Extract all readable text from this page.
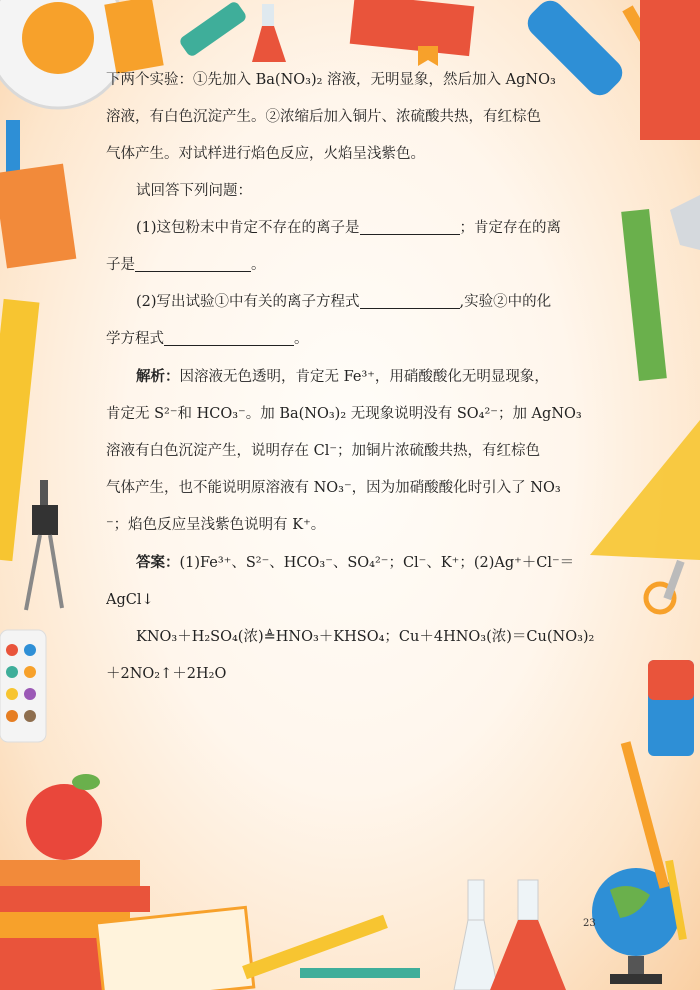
下两个实验：①先加入 Ba(NO₃)₂ 溶液，无明显象，然后加入 AgNO₃
溶液，有白色沉淀产生。②浓缩后加入铜片、浓硫酸共热，有红棕色
气体产生。对试样进行焰色反应，火焰呈浅紫色。
试回答下列问题：
(1)这包粉末中肯定不存在的离子是	；肯定存在的离
子是	。
(2)写出试验①中有关的离子方程式	,实验②中的化
学方程式	。
解析：因溶液无色透明，肯定无 Fe³⁺，用硝酸酸化无明显现象，
肯定无 S²⁻和 HCO₃⁻。加 Ba(NO₃)₂ 无现象说明没有 SO₄²⁻；加 AgNO₃
溶液有白色沉淀产生，说明存在 Cl⁻；加铜片浓硫酸共热，有红棕色
气体产生，也不能说明原溶液有 NO₃⁻，因为加硝酸酸化时引入了 NO₃
⁻；焰色反应呈浅紫色说明有 K⁺。
答案：(1)Fe³⁺、S²⁻、HCO₃⁻、SO₄²⁻；Cl⁻、K⁺；(2)Ag⁺＋Cl⁻＝
AgCl↓
KNO₃＋H₂SO₄(浓)≜HNO₃＋KHSO₄；Cu＋4HNO₃(浓)＝Cu(NO₃)₂
＋2NO₂↑＋2H₂O
23
